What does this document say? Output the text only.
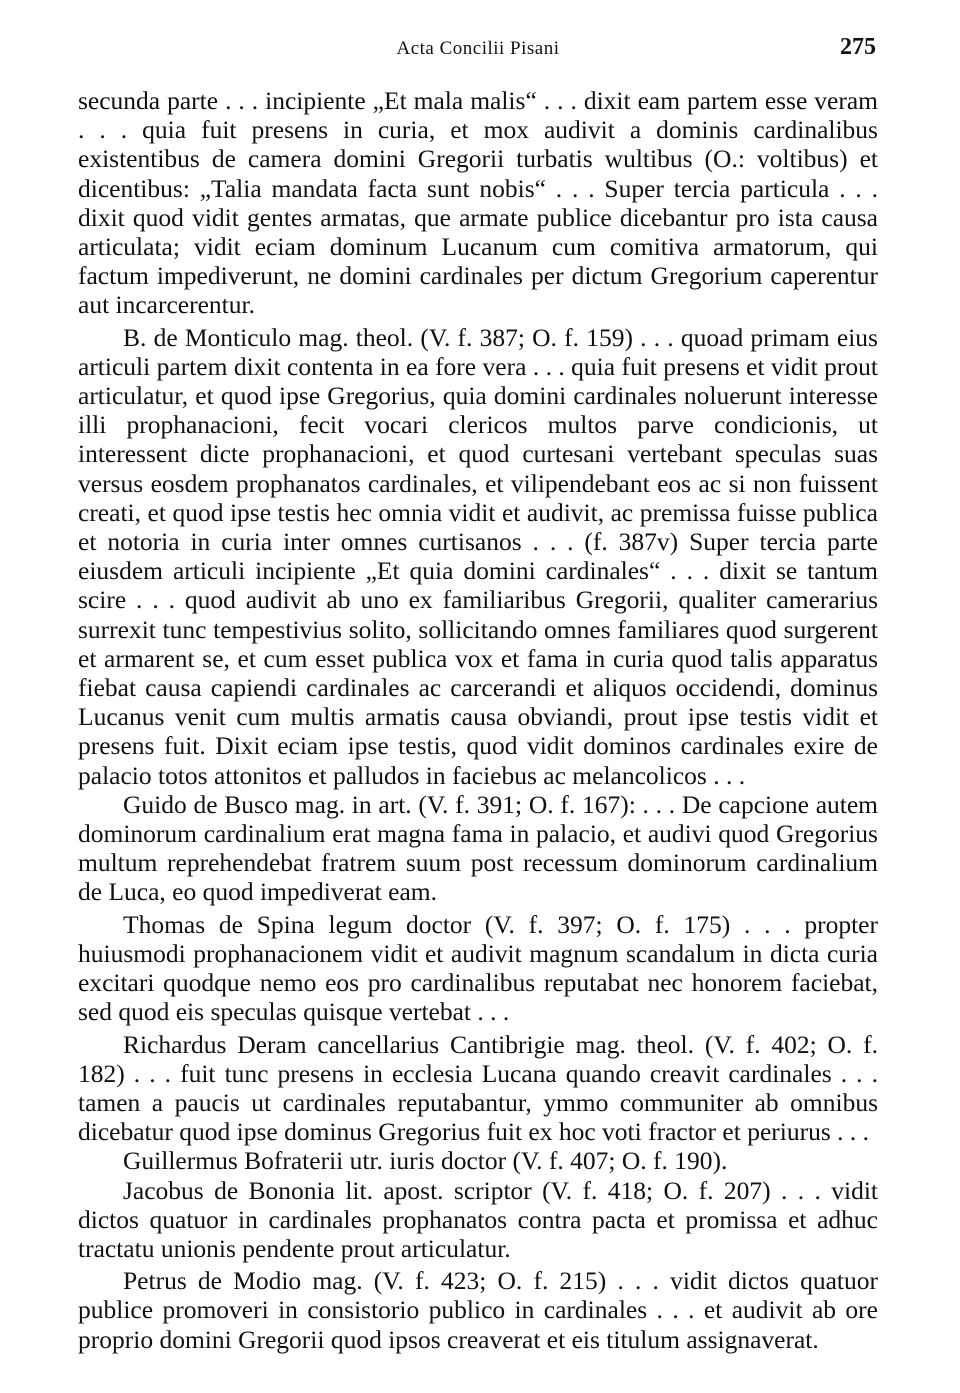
Acta Concilii Pisani	275

secunda parte . . . incipiente „Et mala malis“ . . . dixit eam partem esse veram . . . quia fuit presens in curia, et mox audivit a dominis cardinalibus existentibus de camera domini Gregorii turbatis wultibus (O.: voltibus) et dicentibus: „Talia mandata facta sunt nobis“ . . . Super tercia particula . . . dixit quod vidit gentes armatas, que armate publice dicebantur pro ista causa articulata; vidit eciam dominum Lucanum cum comitiva armatorum, qui factum impediverunt, ne domini cardinales per dictum Gregorium caperentur aut incarcerentur.

B. de Monticulo mag. theol. (V. f. 387; O. f. 159) . . . quoad primam eius articuli partem dixit contenta in ea fore vera . . . quia fuit presens et vidit prout articulatur, et quod ipse Gregorius, quia domini cardinales noluerunt interesse illi prophanacioni, fecit vocari clericos multos parve condicionis, ut interessent dicte prophanacioni, et quod curtesani vertebant speculas suas versus eosdem prophanatos cardinales, et vilipendebant eos ac si non fuissent creati, et quod ipse testis hec omnia vidit et audivit, ac premissa fuisse publica et notoria in curia inter omnes curtisanos . . . (f. 387v) Super tercia parte eiusdem articuli incipiente „Et quia domini cardinales“ . . . dixit se tantum scire . . . quod audivit ab uno ex familiaribus Gregorii, qualiter camerarius surrexit tunc tempestivius solito, sollicitando omnes familiares quod surgerent et armarent se, et cum esset publica vox et fama in curia quod talis apparatus fiebat causa capiendi cardinales ac carcerandi et aliquos occidendi, dominus Lucanus venit cum multis armatis causa obviandi, prout ipse testis vidit et presens fuit. Dixit eciam ipse testis, quod vidit dominos cardinales exire de palacio totos attonitos et palludos in faciebus ac melancolicos . . .

Guido de Busco mag. in art. (V. f. 391; O. f. 167): . . . De capcione autem dominorum cardinalium erat magna fama in palacio, et audivi quod Gregorius multum reprehendebat fratrem suum post recessum dominorum cardinalium de Luca, eo quod impediverat eam.

Thomas de Spina legum doctor (V. f. 397; O. f. 175) . . . propter huiusmodi prophanacionem vidit et audivit magnum scandalum in dicta curia excitari quodque nemo eos pro cardinalibus reputabat nec honorem faciebat, sed quod eis speculas quisque vertebat . . .

Richardus Deram cancellarius Cantibrigie mag. theol. (V. f. 402; O. f. 182) . . . fuit tunc presens in ecclesia Lucana quando creavit cardinales . . . tamen a paucis ut cardinales reputabantur, ymmo communiter ab omnibus dicebatur quod ipse dominus Gregorius fuit ex hoc voti fractor et periurus . . .

Guillermus Bofraterii utr. iuris doctor (V. f. 407; O. f. 190).

Jacobus de Bononia lit. apost. scriptor (V. f. 418; O. f. 207) . . . vidit dictos quatuor in cardinales prophanatos contra pacta et promissa et adhuc tractatu unionis pendente prout articulatur.

Petrus de Modio mag. (V. f. 423; O. f. 215) . . . vidit dictos quatuor publice promoveri in consistorio publico in cardinales . . . et audivit ab ore proprio domini Gregorii quod ipsos creaverat et eis titulum assignaverat.
